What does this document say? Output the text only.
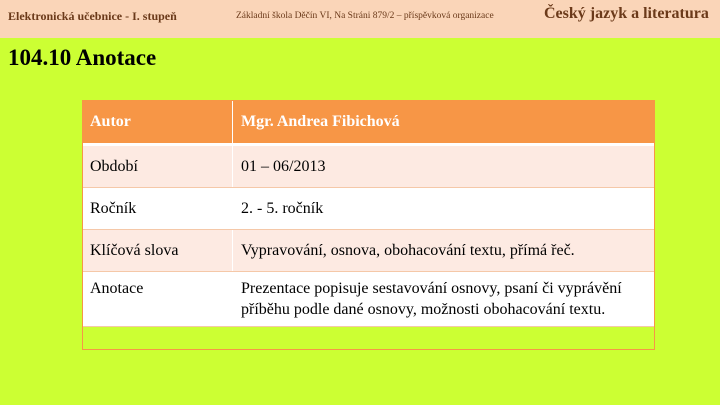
Elektronická učebnice - I. stupeň	Základní škola Děčín VI, Na Stráni 879/2 – příspěvková organizace	Český jazyk a literatura
104.10 Anotace
Autor	Mgr. Andrea Fibichová
Období	01 – 06/2013
Ročník	2. - 5. ročník
Klíčová slova	Vypravování, osnova, obohacování textu, přímá řeč.
Anotace	Prezentace popisuje sestavování osnovy, psaní či vyprávění příběhu podle dané osnovy, možnosti obohacování textu.
